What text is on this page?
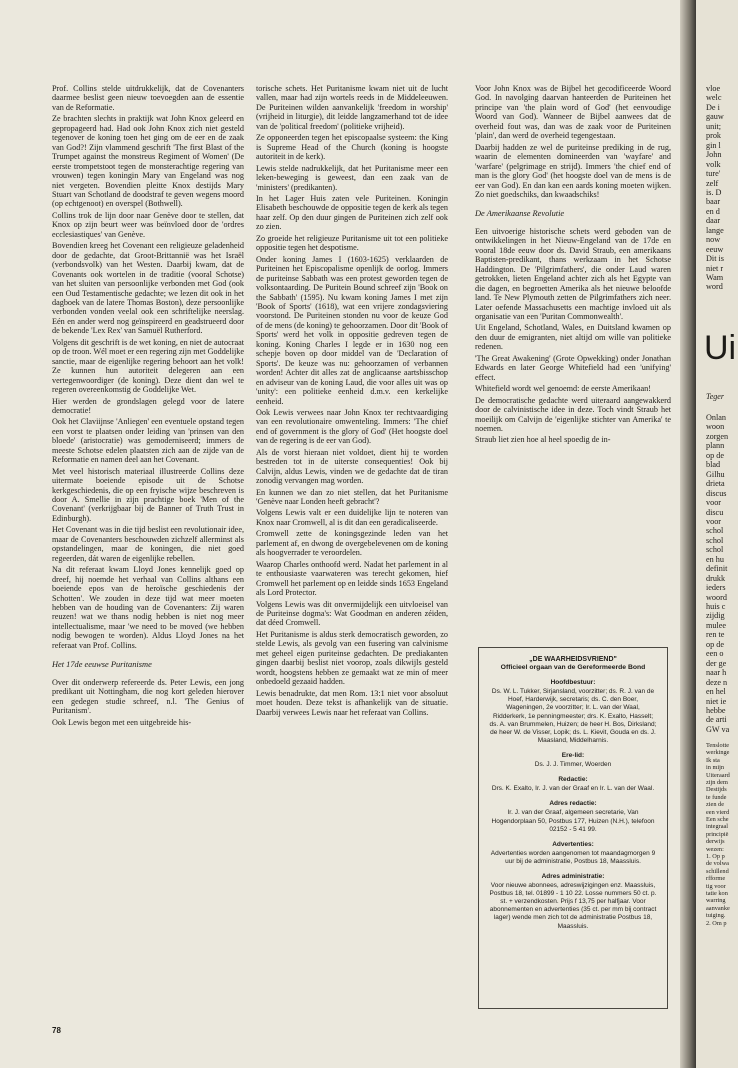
Prof. Collins stelde uitdrukkelijk, dat de Covenanters daarmee beslist geen nieuw toevoegden aan de essentie van de Reformatie.

Ze brachten slechts in praktijk wat John Knox geleerd en gepropageerd had. Had ook John Knox zich niet gesteld tegenover de koning toen het ging om de eer en de zaak van God?! Zijn vlammend geschrift 'The first Blast of the Trumpet against the monstreus Regiment of Women' (De eerste trompetstoot tegen de monsterachtige regering van vrouwen) tegen koningin Mary van Engeland was nog niet vergeten. Bovendien pleitte Knox destijds Mary Stuart van Schotland de doodstraf te geven wegens moord (op echtgenoot) en overspel (Bothwell).

Collins trok de lijn door naar Genève door te stellen, dat Knox op zijn beurt weer was beïnvloed door de 'ordres ecclesiastiques' van Genève.

Bovendien kreeg het Covenant een religieuze geladenheid door de gedachte, dat Groot-Brittannië was het Israël (verbondsvolk) van het Westen. Daarbij kwam, dat de Covenants ook wortelen in de traditie (vooral Schotse) van het sluiten van persoonlijke verbonden met God (ook een Oud Testamentische gedachte; we lezen dit ook in het dagboek van de latere Thomas Boston), deze persoonlijke verbonden vonden veelal ook een schriftelijke neerslag. Eén en ander werd nog geïnspireerd en geadstrueerd door de bekende 'Lex Rex' van Samuël Rutherford.

Volgens dit geschrift is de wet koning, en niet de autocraat op de troon. Wél moet er een regering zijn met Goddelijke sanctie, maar de eigenlijke regering behoort aan het volk! Ze kunnen hun autoriteit delegeren aan een vertegenwoordiger (de koning). Deze dient dan wel te regeren overeenkomstig de Goddelijke Wet.

Hier werden de grondslagen gelegd voor de latere democratie!

Ook het Claviijnse 'Anliegen' een eventuele opstand tegen een vorst te plaatsen onder leiding van 'prinsen van den bloede' (aristocratie) was gemoderniseerd; immers de meeste Schotse edelen plaatsten zich aan de zijde van de Reformatie en namen deel aan het Covenant.

Met veel historisch materiaal illustreerde Collins deze uitermate boeiende episode uit de Schotse kerkgeschiedenis, die op een fryische wijze beschreven is door A. Smellie in zijn prachtige boek 'Men of the Covenant' (verkrijgbaar bij de Banner of Truth Trust in Edinburgh).

Het Covenant was in die tijd beslist een revolutionair idee, maar de Covenanters beschouwden zichzelf allerminst als opstandelingen, maar de koningen, die niet goed regeerden, dát waren de eigenlijke rebellen.

Na dit referaat kwam Lloyd Jones kennelijk goed op dreef, hij noemde het verhaal van Collins althans een boeiende epos van de heroïsche geschiedenis der Schotten'. We zouden in deze tijd wat meer moeten hebben van de houding van de Covenanters: Zij waren reuzen! wat we thans nodig hebben is niet nog meer intellectualisme, maar 'we need to be moved (we hebben nodig bewogen te worden). Aldus Lloyd Jones na het referaat van Prof. Collins.

Het 17de eeuwse Puritanisme

Over dit onderwerp refereerde ds. Peter Lewis, een jong predikant uit Nottingham, die nog kort geleden hierover een gedegen studie schreef, n.l. 'The Genius of Puritanism'.

Ook Lewis begon met een uitgebreide his-

torische schets. Het Puritanisme kwam niet uit de lucht vallen, maar had zijn wortels reeds in de Middeleeuwen. De Puriteinen wilden aanvankelijk 'freedom in worship' (vrijheid in liturgie), dit leidde langzamerhand tot de idee van de 'political freedom' (politieke vrijheid).

Ze opponeerden tegen het episcopaalse systeem: the King is Supreme Head of the Church (koning is hoogste autoriteit in de kerk).

Lewis stelde nadrukkelijk, dat het Puritanisme meer een leken-beweging is geweest, dan een zaak van de 'ministers' (predikanten).

In het Lager Huis zaten vele Puriteinen. Koningin Elisabeth beschouwde de oppositie tegen de kerk als tegen haar zelf. Op den duur gingen de Puriteinen zich zelf ook zo zien.

Zo groeide het religieuze Puritanisme uit tot een politieke oppositie tegen het despotisme.

Onder koning James I (1603-1625) verklaarden de Puriteinen het Episcopalisme openlijk de oorlog. Immers de puriteinse Sabbath was een protest geworden tegen de volksontaarding. De Puritein Bound schreef zijn 'Book on the Sabbath' (1595). Nu kwam koning James I met zijn 'Book of Sports' (1618), wat een vrijere zondagsviering voorstond. De Puriteinen stonden nu voor de keuze God of de mens (de koning) te gehoorzamen. Door dit 'Book of Sports' werd het volk in oppositie gedreven tegen de koning. Koning Charles I legde er in 1630 nog een schepje boven op door middel van de 'Declaration of Sports'. De keuze was nu: gehoorzamen of verbannen worden! Achter dit alles zat de anglicaanse aartsbisschop en adviseur van de koning Laud, die voor alles uit was op 'unity': een politieke eenheid d.m.v. een kerkelijke eenheid.

Ook Lewis verwees naar John Knox ter rechtvaardiging van een revolutionaire omwenteling. Immers: 'The chief end of government is the glory of God' (Het hoogste doel van de regering is de eer van God).

Als de vorst hieraan niet voldoet, dient hij te worden bestreden tot in de uiterste consequenties! Ook bij Calvijn, aldus Lewis, vinden we de gedachte dat de tiran zonodig vervangen mag worden.

En kunnen we dan zo niet stellen, dat het Puritanisme 'Genève naar Londen heeft gebracht'?

Volgens Lewis valt er een duidelijke lijn te noteren van Knox naar Cromwell, al is dit dan een geradicaliseerde.

Cromwell zette de koningsgezinde leden van het parlement af, en dwong de overgebelevenen om de koning als hoogverrader te veroordelen.

Waarop Charles onthoofd werd. Nadat het parlement in al te enthousiaste vaarwateren was terecht gekomen, hief Cromwell het parlement op en leidde sinds 1653 Engeland als Lord Protector.

Volgens Lewis was dit onvermijdelijk een uitvloeisel van de Puriteinse dogma's: Wat Goodman en anderen zéiden, dat déed Cromwell.

Het Puritanisme is aldus sterk democratisch geworden, zo stelde Lewis, als gevolg van een fusering van calvinisme met geheel eigen puriteinse gedachten. De prediakanten gingen daarbij beslist niet voorop, zoals dikwijls gesteld wordt, hoogstens hebben ze gemaakt wat ze min of meer onbedoeld gezaaid hadden.

Lewis benadrukte, dat men Rom. 13:1 niet voor absoluut moet houden. Deze tekst is afhankelijk van de situatie. Daarbij verwees Lewis naar het referaat van Collins.

Voor John Knox was de Bijbel het gecodificeerde Woord God. In navolging daarvan hanteerden de Puriteinen het principe van 'the plain word of God' (het eenvoudige Woord van God). Wanneer de Bijbel aanwees dat de overheid fout was, dan was de zaak voor de Puriteinen 'plain', dan werd de overheid tegengestaan.

Daarbij hadden ze wel de puriteinse prediking in de rug, waarin de elementen domineerden van 'wayfare' and 'warfare' (pelgrimage en strijd). Immers 'the chief end of man is the glory God' (het hoogste doel van de mens is de eer van God). En dan kan een aards koning moeten wijken. Zo niet goedschiks, dan kwaadschiks!

De Amerikaanse Revolutie

Een uitvoerige historische schets werd geboden van de ontwikkelingen in het Nieuw-Engeland van de 17de en vooral 18de eeuw door ds. David Straub, een amerikaans Baptisten-predikant, thans werkzaam in het Schotse Haddington. De 'Pilgrimfathers', die onder Laud waren getrokken, lieten Engeland achter zich als het Egypte van die dagen, en begroetten Amerika als het nieuwe beloofde land. Te New Plymouth zetten de Pilgrimfathers zich neer. Later oefende Massachusetts een machtige invloed uit als organisatie van een 'Puritan Commonwealth'.

Uit Engeland, Schotland, Wales, en Duitsland kwamen op den duur de emigranten, niet altijd om wille van politieke redenen.

'The Great Awakening' (Grote Opwekking) onder Jonathan Edwards en later George Whitefield had een 'unifying' effect.

Whitefield wordt wel genoemd: de eerste Amerikaan!

De democratische gedachte werd uiteraard aangewakkerd door de calvinistische idee in deze. Toch vindt Straub het moeilijk om Calvijn de 'eigenlijke stichter van Amerika' te noemen.

Straub liet zien hoe al heel spoedig de in-

„DE WAARHEIDSVRIEND"
Officieel orgaan van de Gereformeerde Bond
Hoofdbestuur:
Ds. W. L. Tukker, Sirjansland, voorzitter; ds. R. J. van de Hoef, Harderwijk, secretaris; ds. C. den Boer, Wageningen, 2e voorzitter; Ir. L. van der Waal, Ridderkerk, 1e penningmeester; drs. K. Exalto, Hasselt; ds. A. van Brummelen, Huizen; de heer H. Bos, Dirksland; de heer W. de Visser, Lopik; ds. L. Kievit, Gouda en ds. J. Maasland, Middelharnis.
Ere-lid:
Ds. J. J. Timmer, Woerden
Redactie:
Drs. K. Exalto, Ir. J. van der Graaf en Ir. L. van der Waal.
Adres redactie:
Ir. J. van der Graaf, algemeen secretarie, Van Hogendorplaan 50, Postbus 177, Huizen (N.H.), telefoon 02152 - 5 41 99.
Advertenties:
Advertenties worden aangenomen tot maandagmorgen 9 uur bij de administratie, Postbus 18, Maassluis.
Adres administratie:
Voor nieuwe abonnees, adreswijzigingen enz. Maassluis, Postbus 18, tel. 01899 - 1 10 22. Losse nummers 50 ct. p. st. + verzendkosten. Prijs f 13,75 per halfjaar. Voor abonnementen en advertenties (35 ct. per mm bij contract lager) wende men zich tot de administratie Postbus 18, Maassluis.
78
vloe
welc
De i
gauw
unit;
prok
gin l
John
volk
ture'
zelf
is. D
baar
en d
daar
lange
now
eeuw
Dit is
niet r
Wam
word
Ui
Teger
Onlan
woon
zorgen
plann
op de
blad
Gilhu
drieta
discus
voor
discu
voor
schol
schol
schol
en hu
definit
drukk
ieders
woord
huis c
zijdig
mulee
ren te
op de
een o
der ge
naar h
deze n
en hel
niet ie
hebbe
de arti
GW va
Tenslotte
werkinge
Ik sta
in mijn
Uiteraard
zijn dem
Destijds
te funde
zien de
een vierd
Een sche
integraal
principië
derwijs
wezen:
1. Op p
de volwa
schillend
rfforme
tig voor
tatie kon
warring
aanvanke
tuiging.
2. Om p
